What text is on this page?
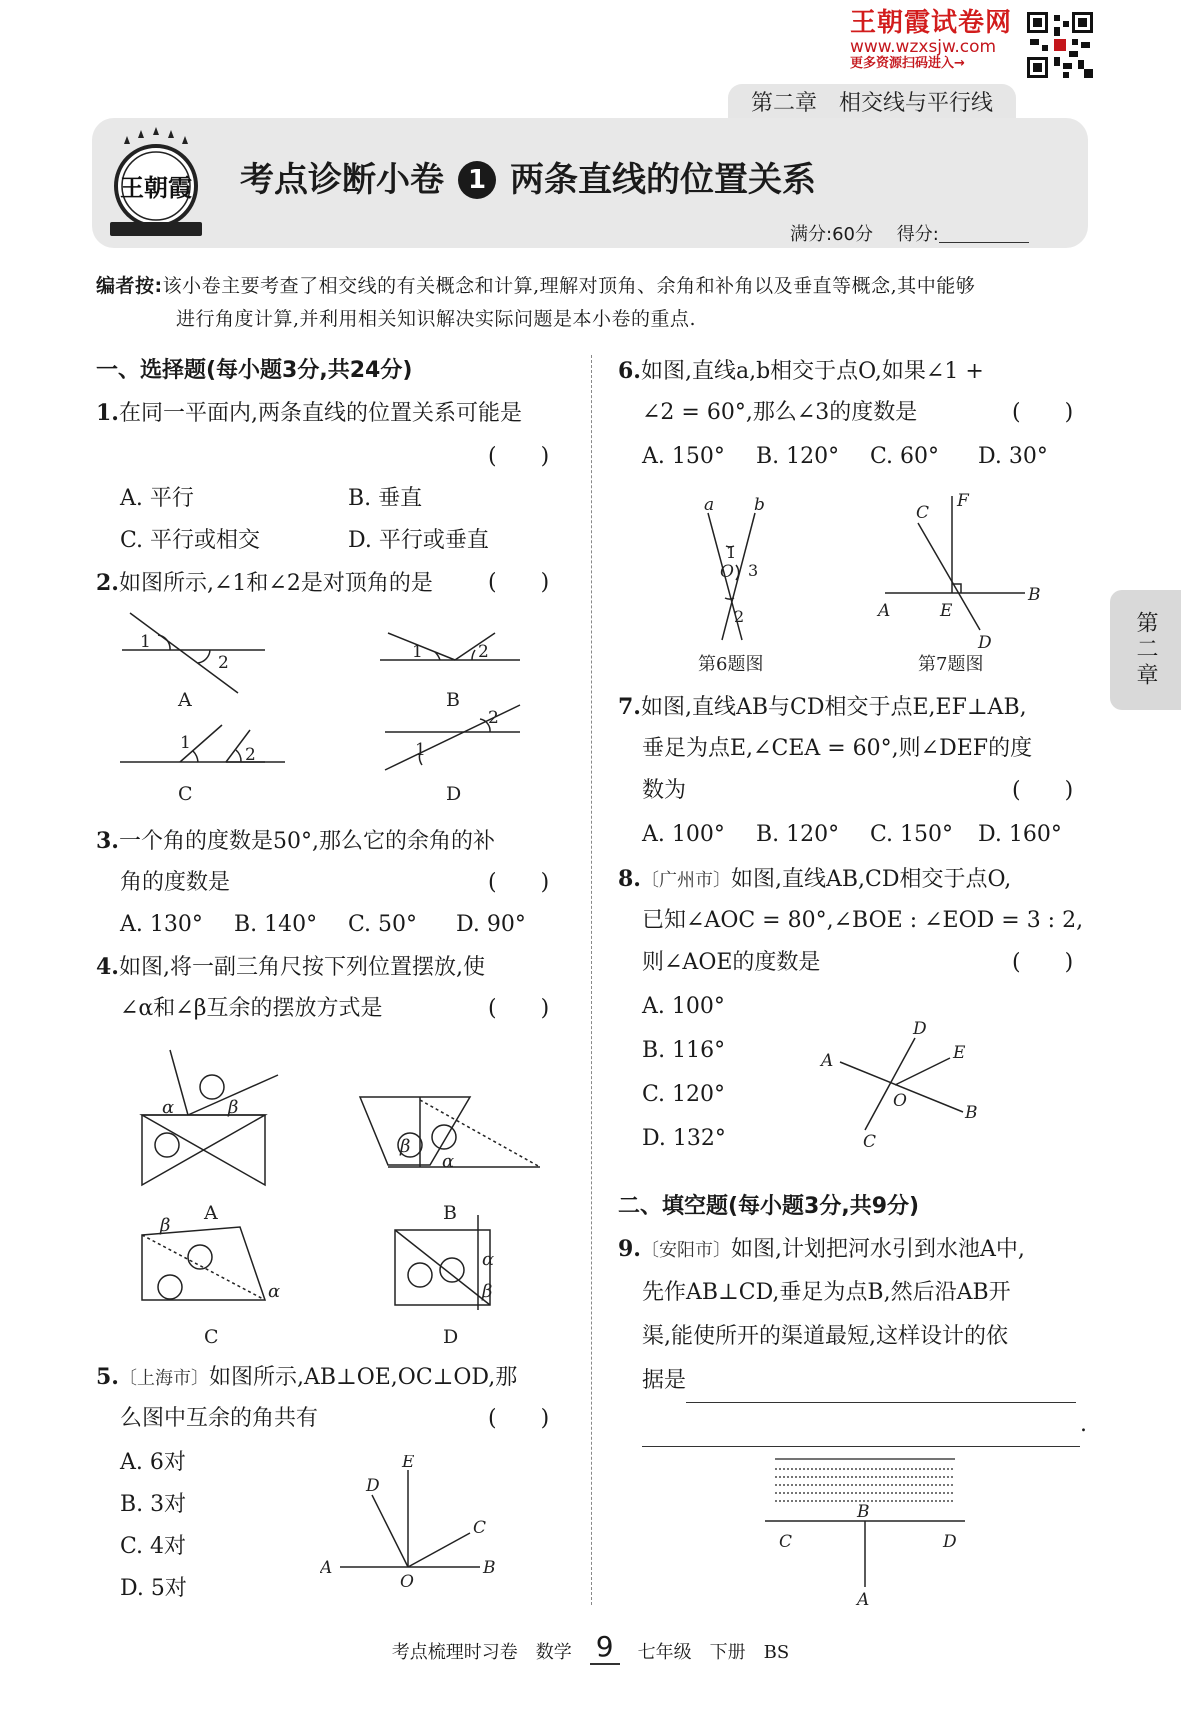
王朝霞试卷网
www.wzxsjw.com
更多资源扫码进入→
第二章　相交线与平行线
王朝霞 考点诊断小卷 1 两条直线的位置关系
满分:60分　 得分:
编者按:该小卷主要考查了相交线的有关概念和计算,理解对顶角、余角和补角以及垂直等概念,其中能够
进行角度计算,并利用相关知识解决实际问题是本小卷的重点.
第二章
一、选择题(每小题3分,共24分)
1.在同一平面内,两条直线的位置关系可能是
(　　)
A. 平行	B. 垂直
C. 平行或相交	D. 平行或垂直
2.如图所示,∠1和∠2是对顶角的是	(　　)
1
2
1	2
1
2	1
2
A	B
C	D
3.一个角的度数是50°,那么它的余角的补
角的度数是	(　　)
A. 130° B. 140° C. 50° D. 90°
4.如图,将一副三角尺按下列位置摆放,使
∠α和∠β互余的摆放方式是	(　　)
α	β
β
α
β
α
α
β
A	B
C	D
5.〔上海市〕如图所示,AB⊥OE,OC⊥OD,那
么图中互余的角共有	(　　)
A. 6对
B. 3对
C. 4对
D. 5对
A	B
O
E
D
C
6.如图,直线a,b相交于点O,如果∠1 +
∠2 = 60°,那么∠3的度数是	(　　)
A. 150° B. 120° C. 60° D. 30°
a b
O
1
3
2
第6题图
A
B
C
D
E
F
第7题图
7.如图,直线AB与CD相交于点E,EF⊥AB,
垂足为点E,∠CEA = 60°,则∠DEF的度
数为	(　　)
A. 100° B. 120° C. 150° D. 160°
8.〔广州市〕如图,直线AB,CD相交于点O,
已知∠AOC = 80°,∠BOE : ∠EOD = 3 : 2,
则∠AOE的度数是	(　　)
A. 100°
B. 116°
C. 120°
D. 132°
A
B
C
D
E
O
二、填空题(每小题3分,共9分)
9.〔安阳市〕如图,计划把河水引到水池A中,
先作AB⊥CD,垂足为点B,然后沿AB开
渠,能使所开的渠道最短,这样设计的依
据是
.
C	D
B
A
考点梳理时习卷　数学 9 七年级　下册　BS
